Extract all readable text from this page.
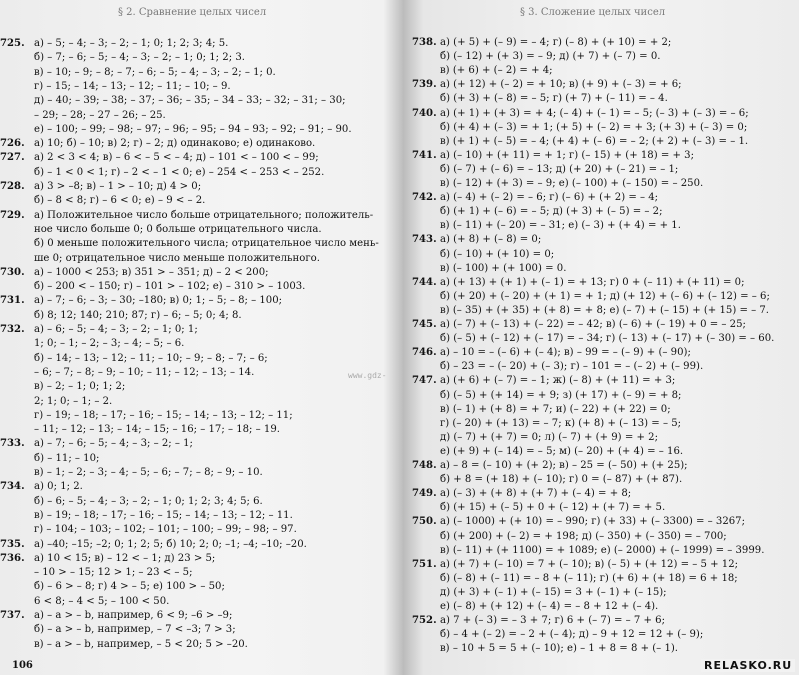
§ 2. Сравнение целых чисел
725. а) – 5; – 4; – 3; – 2; – 1; 0; 1; 2; 3; 4; 5.
б) – 7; – 6; – 5; – 4; – 3; – 2; – 1; 0; 1; 2; 3.
в) – 10; – 9; – 8; – 7; – 6; – 5; – 4; – 3; – 2; – 1; 0.
г) – 15; – 14; – 13; – 12; – 11; – 10; – 9.
д) – 40; – 39; – 38; – 37; – 36; – 35; – 34 – 33; – 32; – 31; – 30;
– 29; – 28; – 27 – 26; – 25.
е) – 100; – 99; – 98; – 97; – 96; – 95; – 94 – 93; – 92; – 91; – 90.
726. а) 10; б) – 10; в) 2; г) – 2; д) одинаково; е) одинаково.
727. а) 2 < 3 < 4; в) – 6 < – 5 < – 4; д) – 101 < – 100 < – 99;
б) – 1 < 0 < 1; г) – 2 < – 1 < 0; е) – 254 < – 253 < – 252.
728. а) 3 > –8; в) – 1 > – 10; д) 4 > 0;
б) – 8 < 8; г) – 6 < 0; е) – 9 < – 2.
729. а) Положительное число больше отрицательного; положитель-
ное число больше 0; 0 больше отрицательного числа.
б) 0 меньше положительного числа; отрицательное число мень-
ше 0; отрицательное число меньше положительного.
730. а) – 1000 < 253; в) 351 > – 351; д) – 2 < 200;
б) – 200 < – 150; г) – 101 > – 102; е) – 310 > – 1003.
731. а) – 7; – 6; – 3; – 30; –180; в) 0; 1; – 5; – 8; – 100;
б) 8; 12; 140; 210; 87; г) – 6; – 5; 0; 4; 8.
732. а) – 6; – 5; – 4; – 3; – 2; – 1; 0; 1;
1; 0; – 1; – 2; – 3; – 4; – 5; – 6.
б) – 14; – 13; – 12; – 11; – 10; – 9; – 8; – 7; – 6;
– 6; – 7; – 8; – 9; – 10; – 11; – 12; – 13; – 14.
в) – 2; – 1; 0; 1; 2;
2; 1; 0; – 1; – 2.
г) – 19; – 18; – 17; – 16; – 15; – 14; – 13; – 12; – 11;
– 11; – 12; – 13; – 14; – 15; – 16; – 17; – 18; – 19.
733. а) – 7; – 6; – 5; – 4; – 3; – 2; – 1;
б) – 11; – 10;
в) – 1; – 2; – 3; – 4; – 5; – 6; – 7; – 8; – 9; – 10.
734. а) 0; 1; 2.
б) – 6; – 5; – 4; – 3; – 2; – 1; 0; 1; 2; 3; 4; 5; 6.
в) – 19; – 18; – 17; – 16; – 15; – 14; – 13; – 12; – 11.
г) – 104; – 103; – 102; – 101; – 100; – 99; – 98; – 97.
735. а) –40; –15; –2; 0; 1; 2; 5; б) 10; 2; 0; –1; –4; –10; –20.
736. а) 10 < 15; в) – 12 < – 1; д) 23 > 5;
– 10 > – 15; 12 > 1; – 23 < – 5;
б) – 6 > – 8; г) 4 > – 5; е) 100 > – 50;
6 < 8; – 4 < 5; – 100 < 50.
737. а) – a > – b, например, 6 < 9; –6 > –9;
б) – a > – b, например, – 7 < –3; 7 > 3;
в) – a > – b, например, – 5 < 20; 5 > –20.
106
§ 3. Сложение целых чисел
738. а) (+ 5) + (– 9) = – 4; г) (– 8) + (+ 10) = + 2;
б) (– 12) + (+ 3) = – 9; д) (+ 7) + (– 7) = 0.
в) (+ 6) + (– 2) = + 4;
739. а) (+ 12) + (– 2) = + 10; в) (+ 9) + (– 3) = + 6;
б) (+ 3) + (– 8) = – 5; г) (+ 7) + (– 11) = – 4.
740. а) (+ 1) + (+ 3) = + 4; (– 4) + (– 1) = – 5; (– 3) + (– 3) = – 6;
б) (+ 4) + (– 3) = + 1; (+ 5) + (– 2) = + 3; (+ 3) + (– 3) = 0;
в) (+ 1) + (– 5) = – 4; (+ 4) + (– 6) = – 2; (+ 2) + (– 3) = – 1.
741. а) (– 10) + (+ 11) = + 1; г) (– 15) + (+ 18) = + 3;
б) (– 7) + (– 6) = – 13; д) (+ 20) + (– 21) = – 1;
в) (– 12) + (+ 3) = – 9; е) (– 100) + (– 150) = – 250.
742. а) (– 4) + (– 2) = – 6; г) (– 6) + (+ 2) = – 4;
б) (+ 1) + (– 6) = – 5; д) (+ 3) + (– 5) = – 2;
в) (– 11) + (– 20) = – 31; е) (– 3) + (+ 4) = + 1.
743. а) (+ 8) + (– 8) = 0;
б) (– 10) + (+ 10) = 0;
в) (– 100) + (+ 100) = 0.
744. а) (+ 13) + (+ 1) + (– 1) = + 13; г) 0 + (– 11) + (+ 11) = 0;
б) (+ 20) + (– 20) + (+ 1) = + 1; д) (+ 12) + (– 6) + (– 12) = – 6;
в) (– 35) + (+ 35) + (+ 8) = + 8; е) (– 7) + (– 15) + (+ 15) = – 7.
745. а) (– 7) + (– 13) + (– 22) = – 42; в) (– 6) + (– 19) + 0 = – 25;
б) (– 5) + (– 12) + (– 17) = – 34; г) (– 13) + (– 17) + (– 30) = – 60.
746. а) – 10 = – (– 6) + (– 4); в) – 99 = – (– 9) + (– 90);
б) – 23 = – (– 20) + (– 3); г) – 101 = – (– 2) + (– 99).
747. а) (+ 6) + (– 7) = – 1; ж) (– 8) + (+ 11) = + 3;
б) (– 5) + (+ 14) = + 9; з) (+ 17) + (– 9) = + 8;
в) (– 1) + (+ 8) = + 7; и) (– 22) + (+ 22) = 0;
г) (– 20) + (+ 13) = – 7; к) (+ 8) + (– 13) = – 5;
д) (– 7) + (+ 7) = 0; л) (– 7) + (+ 9) = + 2;
е) (+ 9) + (– 14) = – 5; м) (– 20) + (+ 4) = – 16.
748. а) – 8 = (– 10) + (+ 2); в) – 25 = (– 50) + (+ 25);
б) + 8 = (+ 18) + (– 10); г) 0 = (– 87) + (+ 87).
749. а) (– 3) + (+ 8) + (+ 7) + (– 4) = + 8;
б) (+ 15) + (– 5) + 0 + (– 12) + (+ 7) = + 5.
750. а) (– 1000) + (+ 10) = – 990; г) (+ 33) + (– 3300) = – 3267;
б) (+ 200) + (– 2) = + 198; д) (– 350) + (– 350) = – 700;
в) (– 11) + (+ 1100) = + 1089; е) (– 2000) + (– 1999) = – 3999.
751. а) (+ 7) + (– 10) = 7 + (– 10); в) (– 5) + (+ 12) = – 5 + 12;
б) (– 8) + (– 11) = – 8 + (– 11); г) (+ 6) + (+ 18) = 6 + 18;
д) (+ 3) + (– 1) + (– 15) = 3 + (– 1) + (– 15);
е) (– 8) + (+ 12) + (– 4) = – 8 + 12 + (– 4).
752. а) 7 + (– 3) = – 3 + 7; г) 6 + (– 7) = – 7 + 6;
б) – 4 + (– 2) = – 2 + (– 4); д) – 9 + 12 = 12 + (– 9);
в) – 10 + 5 = 5 + (– 10); е) – 1 + 8 = 8 + (– 1).
www.gdz-
RELASKO.RU
